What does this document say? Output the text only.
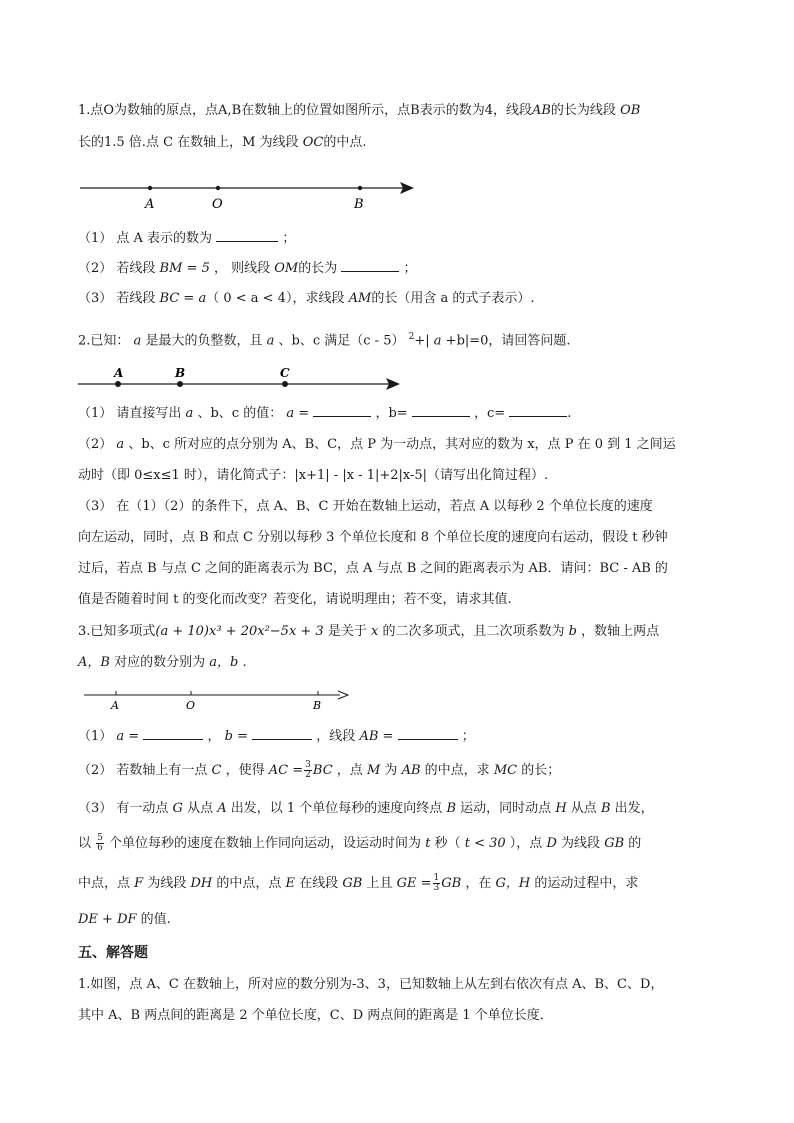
1.点O为数轴的原点，点A,B在数轴上的位置如图所示，点B表示的数为4，线段AB的长为线段 OB
长的1.5 倍.点 C 在数轴上，M 为线段 OC的中点.
A	O	B
（1） 点 A 表示的数为	；
（2） 若线段 BM = 5 ， 则线段 OM的长为	；
（3） 若线段 BC = a（ 0 < a < 4），求线段 AM的长（用含 a 的式子表示）.
2.已知： a 是最大的负整数，且 a 、b、c 满足（c - 5） $^2$+| a +b|=0，请回答问题.
A	B	C
（1） 请直接写出 a 、b、c 的值： a =	，b=	，c=	.
（2） a 、b、c 所对应的点分别为 A、B、C，点 P 为一动点，其对应的数为 x，点 P 在 0 到 1 之间运
动时（即 0≤x≤1 时），请化简式子：|x+1| - |x - 1|+2|x-5|（请写出化简过程）.
（3） 在（1）（2）的条件下，点 A、B、C 开始在数轴上运动，若点 A 以每秒 2 个单位长度的速度
向左运动，同时，点 B 和点 C 分别以每秒 3 个单位长度和 8 个单位长度的速度向右运动，假设 t 秒钟
过后，若点 B 与点 C 之间的距离表示为 BC，点 A 与点 B 之间的距离表示为 AB．请问：BC - AB 的
值是否随着时间 t 的变化而改变？若变化，请说明理由；若不变，请求其值.
3.已知多项式(a + 10)x³ + 20x²−5x + 3 是关于 x 的二次多项式，且二次项系数为 b ，数轴上两点
A，B 对应的数分别为 a，b .
A	O	B
（1） a =	， b =	，线段 AB =	；
（2） 若数轴上有一点 C ，使得 AC = $\frac{3}{2}$ BC ，点 M 为 AB 的中点，求 MC 的长；
（3） 有一动点 G 从点 A 出发，以 1 个单位每秒的速度向终点 B 运动，同时动点 H 从点 B 出发，
以 $\frac{5}{6}$ 个单位每秒的速度在数轴上作同向运动，设运动时间为 t 秒（ t < 30 ），点 D 为线段 GB 的
中点，点 F 为线段 DH 的中点，点 E 在线段 GB 上且 GE = $\frac{1}{3}$ GB ，在 G，H 的运动过程中，求
DE + DF 的值.
五、解答题
1.如图，点 A、C 在数轴上，所对应的数分别为-3、3，已知数轴上从左到右依次有点 A、B、C、D，
其中 A、B 两点间的距离是 2 个单位长度，C、D 两点间的距离是 1 个单位长度．
